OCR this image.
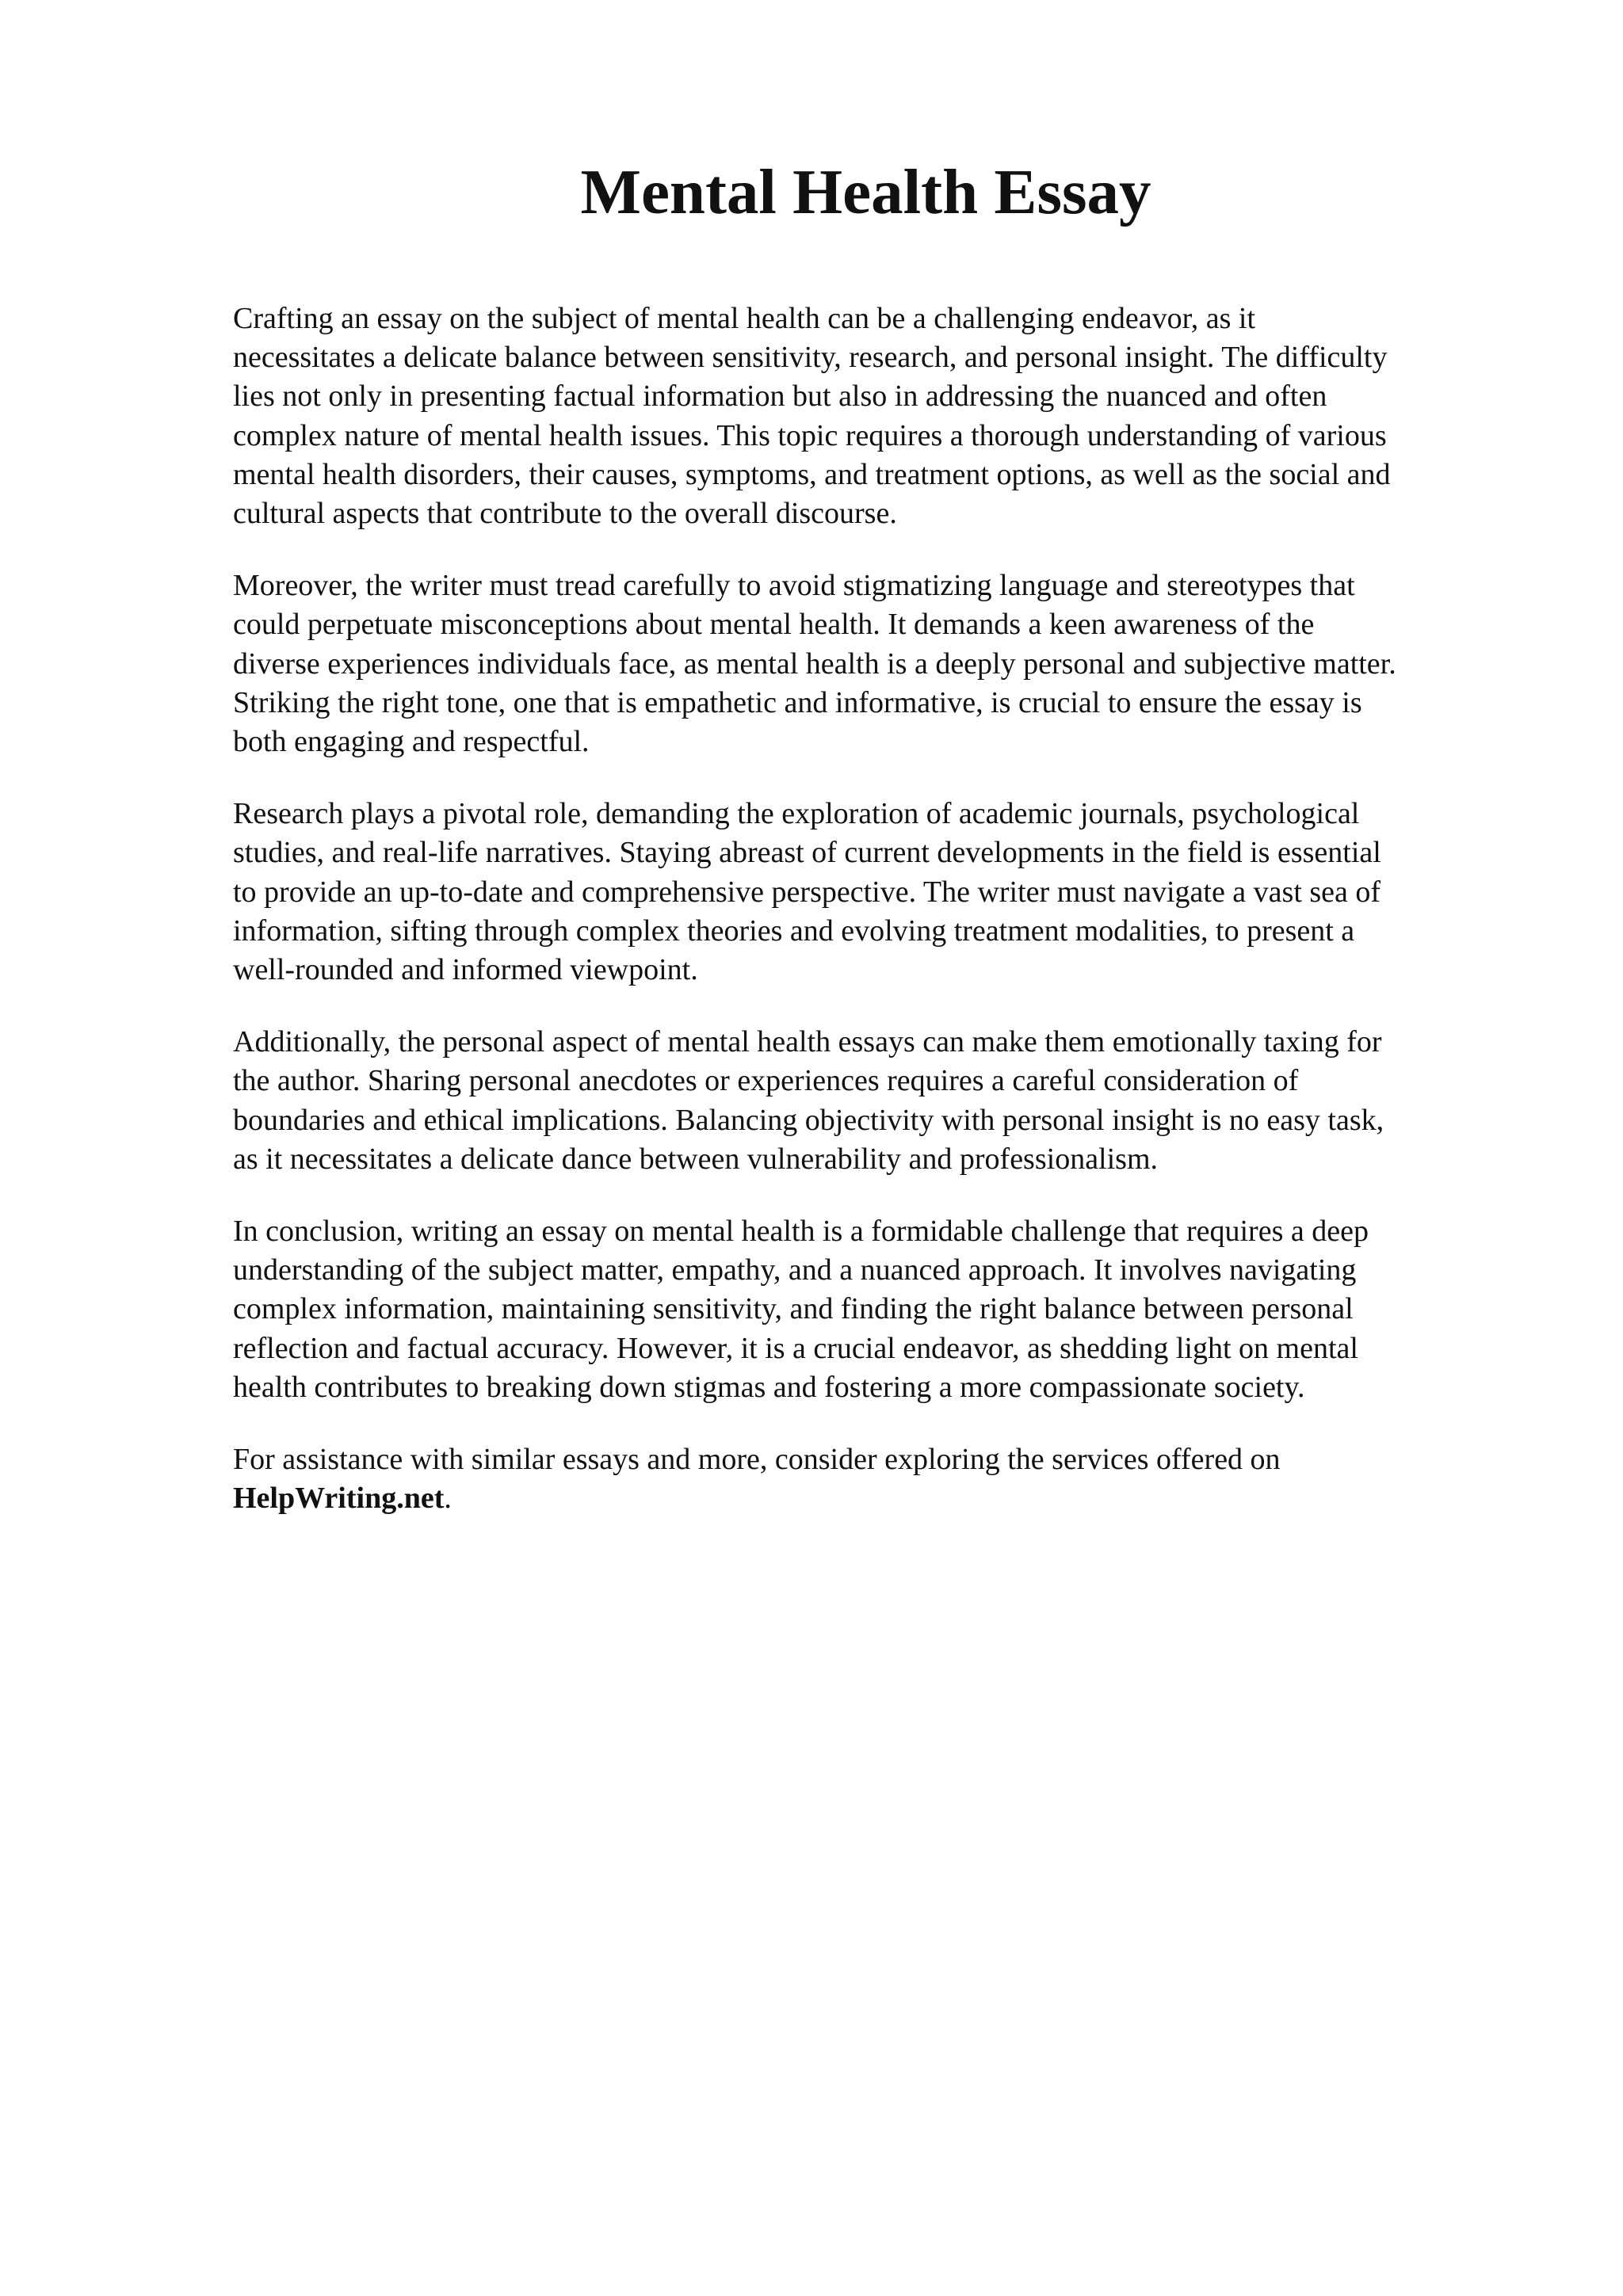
Mental Health Essay
Crafting an essay on the subject of mental health can be a challenging endeavor, as it
necessitates a delicate balance between sensitivity, research, and personal insight. The difficulty
lies not only in presenting factual information but also in addressing the nuanced and often
complex nature of mental health issues. This topic requires a thorough understanding of various
mental health disorders, their causes, symptoms, and treatment options, as well as the social and
cultural aspects that contribute to the overall discourse.
Moreover, the writer must tread carefully to avoid stigmatizing language and stereotypes that
could perpetuate misconceptions about mental health. It demands a keen awareness of the
diverse experiences individuals face, as mental health is a deeply personal and subjective matter.
Striking the right tone, one that is empathetic and informative, is crucial to ensure the essay is
both engaging and respectful.
Research plays a pivotal role, demanding the exploration of academic journals, psychological
studies, and real-life narratives. Staying abreast of current developments in the field is essential
to provide an up-to-date and comprehensive perspective. The writer must navigate a vast sea of
information, sifting through complex theories and evolving treatment modalities, to present a
well-rounded and informed viewpoint.
Additionally, the personal aspect of mental health essays can make them emotionally taxing for
the author. Sharing personal anecdotes or experiences requires a careful consideration of
boundaries and ethical implications. Balancing objectivity with personal insight is no easy task,
as it necessitates a delicate dance between vulnerability and professionalism.
In conclusion, writing an essay on mental health is a formidable challenge that requires a deep
understanding of the subject matter, empathy, and a nuanced approach. It involves navigating
complex information, maintaining sensitivity, and finding the right balance between personal
reflection and factual accuracy. However, it is a crucial endeavor, as shedding light on mental
health contributes to breaking down stigmas and fostering a more compassionate society.
For assistance with similar essays and more, consider exploring the services offered on
HelpWriting.net.
